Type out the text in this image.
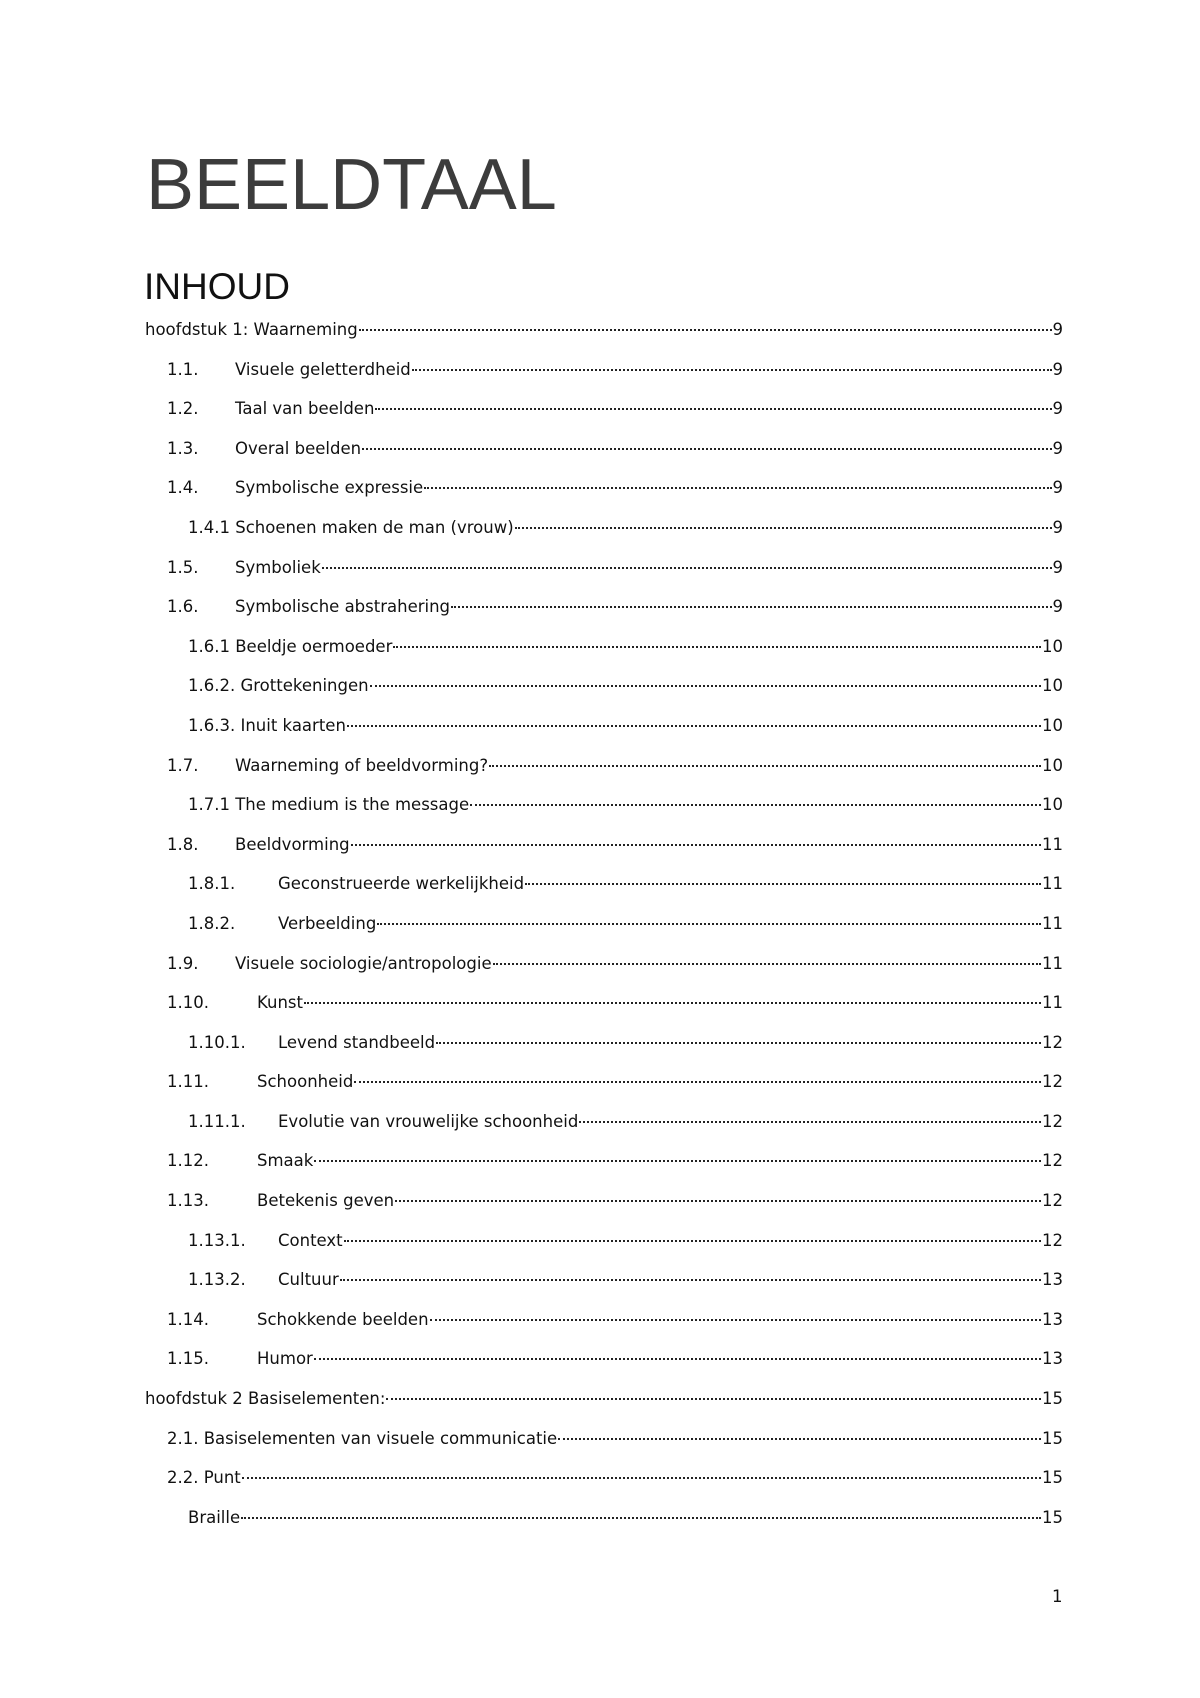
BEELDTAAL
INHOUD
hoofdstuk 1: Waarneming	9
1.1.	Visuele geletterdheid	9
1.2.	Taal van beelden	9
1.3.	Overal beelden	9
1.4.	Symbolische expressie	9
1.4.1 Schoenen maken de man (vrouw)	9
1.5.	Symboliek	9
1.6.	Symbolische abstrahering	9
1.6.1 Beeldje oermoeder	10
1.6.2. Grottekeningen	10
1.6.3. Inuit kaarten	10
1.7.	Waarneming of beeldvorming?	10
1.7.1 The medium is the message	10
1.8.	Beeldvorming	11
1.8.1.	Geconstrueerde werkelijkheid	11
1.8.2.	Verbeelding	11
1.9.	Visuele sociologie/antropologie	11
1.10.	Kunst	11
1.10.1.	Levend standbeeld	12
1.11.	Schoonheid	12
1.11.1.	Evolutie van vrouwelijke schoonheid	12
1.12.	Smaak	12
1.13.	Betekenis geven	12
1.13.1.	Context	12
1.13.2.	Cultuur	13
1.14.	Schokkende beelden	13
1.15.	Humor	13
hoofdstuk 2 Basiselementen:	15
2.1. Basiselementen van visuele communicatie	15
2.2. Punt	15
Braille	15
1
